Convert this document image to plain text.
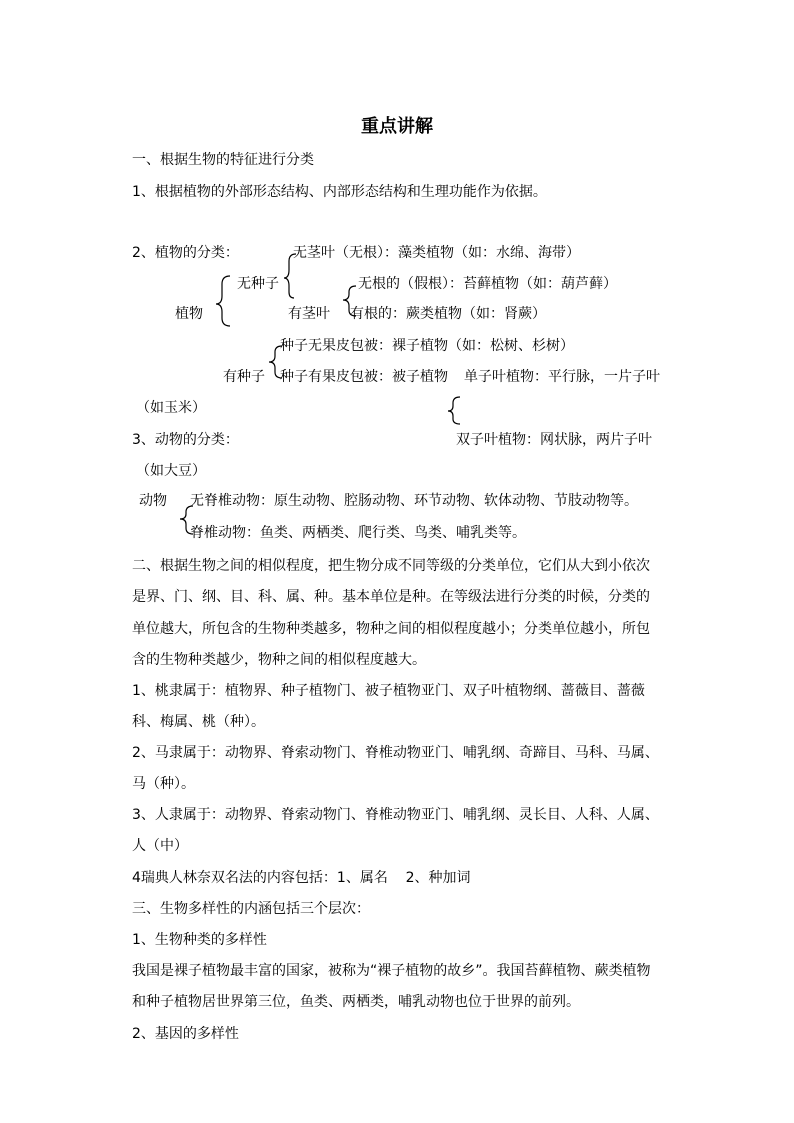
重点讲解
一、根据生物的特征进行分类
1、根据植物的外部形态结构、内部形态结构和生理功能作为依据。
2、植物的分类：	无茎叶（无根）：藻类植物（如：水绵、海带）
无种子	无根的（假根）：苔藓植物（如：葫芦藓）
植物	有茎叶 有根的：蕨类植物（如：肾蕨）
种子无果皮包被：裸子植物（如：松树、杉树）
有种子 种子有果皮包被：被子植物 单子叶植物：平行脉，一片子叶
（如玉米）
3、动物的分类：	双子叶植物：网状脉，两片子叶
（如大豆）
动物 无脊椎动物：原生动物、腔肠动物、环节动物、软体动物、节肢动物等。
脊椎动物：鱼类、两栖类、爬行类、鸟类、哺乳类等。
二、根据生物之间的相似程度，把生物分成不同等级的分类单位，它们从大到小依次
是界、门、纲、目、科、属、种。基本单位是种。在等级法进行分类的时候，分类的
单位越大，所包含的生物种类越多，物种之间的相似程度越小；分类单位越小，所包
含的生物种类越少，物种之间的相似程度越大。
1、桃隶属于：植物界、种子植物门、被子植物亚门、双子叶植物纲、蔷薇目、蔷薇
科、梅属、桃（种）。
2、马隶属于：动物界、脊索动物门、脊椎动物亚门、哺乳纲、奇蹄目、马科、马属、
马（种）。
3、人隶属于：动物界、脊索动物门、脊椎动物亚门、哺乳纲、灵长目、人科、人属、
人（中）
4瑞典人林奈双名法的内容包括：1、属名    2、种加词
三、生物多样性的内涵包括三个层次：
1、生物种类的多样性
我国是裸子植物最丰富的国家，被称为“裸子植物的故乡”。我国苔藓植物、蕨类植物
和种子植物居世界第三位，鱼类、两栖类，哺乳动物也位于世界的前列。
2、基因的多样性
